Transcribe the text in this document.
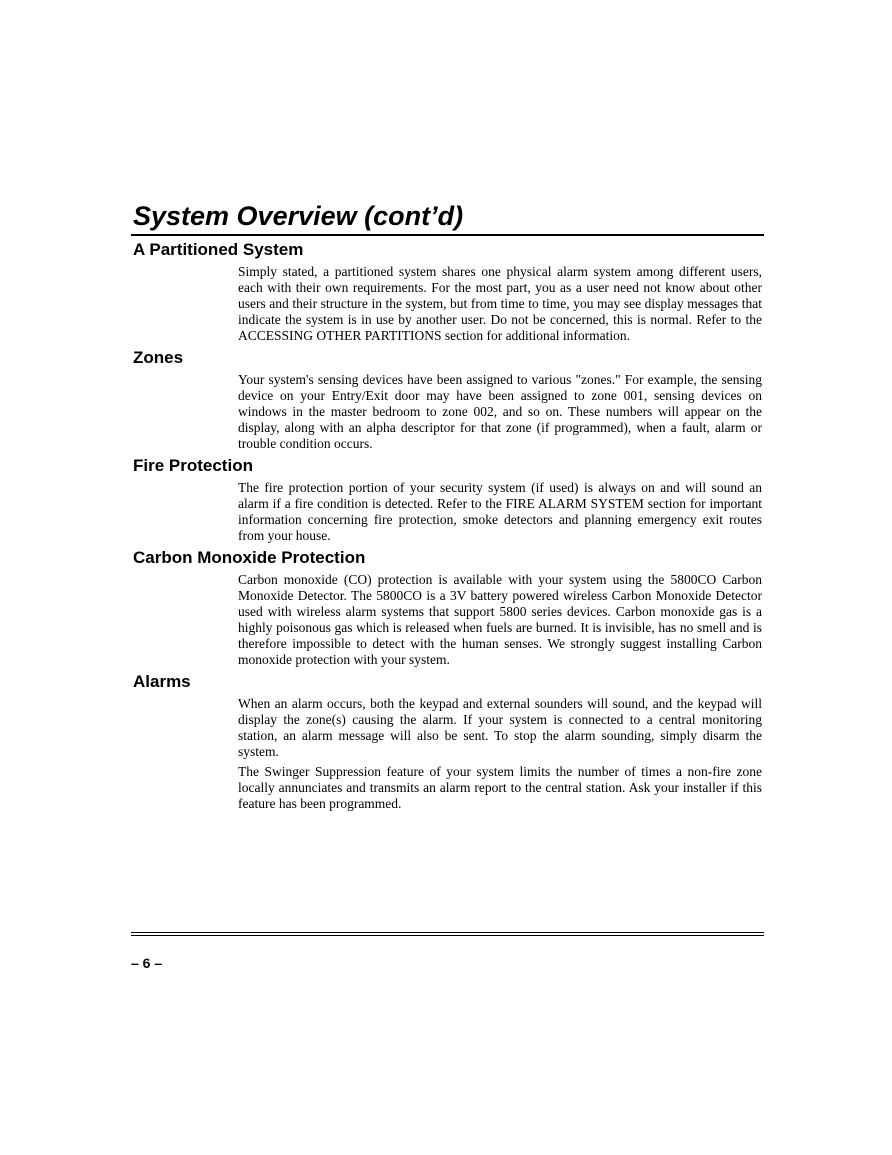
System Overview (cont’d)
A Partitioned System

Simply stated, a partitioned system shares one physical alarm system among different users, each with their own requirements. For the most part, you as a user need not know about other users and their structure in the system, but from time to time, you may see display messages that indicate the system is in use by another user. Do not be concerned, this is normal. Refer to the ACCESSING OTHER PARTITIONS section for additional information.

Zones

Your system's sensing devices have been assigned to various "zones." For example, the sensing device on your Entry/Exit door may have been assigned to zone 001, sensing devices on windows in the master bedroom to zone 002, and so on. These numbers will appear on the display, along with an alpha descriptor for that zone (if programmed), when a fault, alarm or trouble condition occurs.

Fire Protection

The fire protection portion of your security system (if used) is always on and will sound an alarm if a fire condition is detected. Refer to the FIRE ALARM SYSTEM section for important information concerning fire protection, smoke detectors and planning emergency exit routes from your house.

Carbon Monoxide Protection

Carbon monoxide (CO) protection is available with your system using the 5800CO Carbon Monoxide Detector. The 5800CO is a 3V battery powered wireless Carbon Monoxide Detector used with wireless alarm systems that support 5800 series devices. Carbon monoxide gas is a highly poisonous gas which is released when fuels are burned. It is invisible, has no smell and is therefore impossible to detect with the human senses. We strongly suggest installing Carbon monoxide protection with your system.

Alarms

When an alarm occurs, both the keypad and external sounders will sound, and the keypad will display the zone(s) causing the alarm. If your system is connected to a central monitoring station, an alarm message will also be sent. To stop the alarm sounding, simply disarm the system.

The Swinger Suppression feature of your system limits the number of times a non-fire zone locally annunciates and transmits an alarm report to the central station. Ask your installer if this feature has been programmed.

– 6 –
